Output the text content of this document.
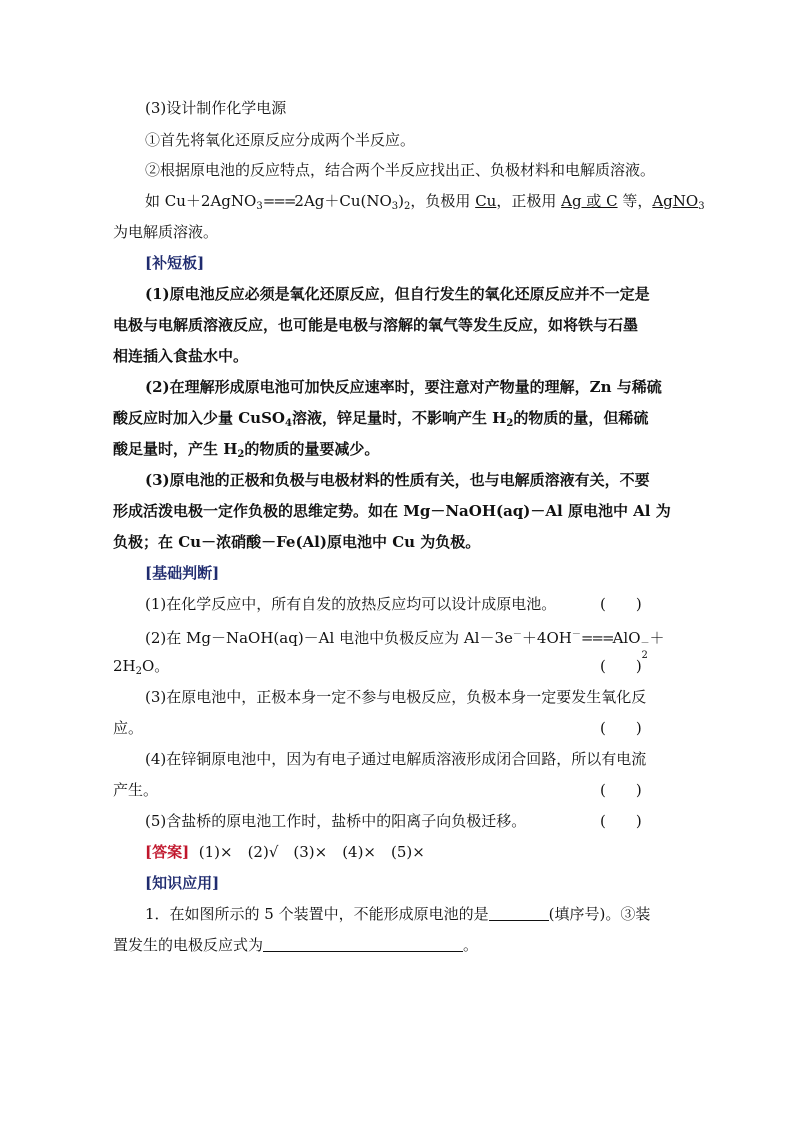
(3)设计制作化学电源
①首先将氧化还原反应分成两个半反应。
②根据原电池的反应特点，结合两个半反应找出正、负极材料和电解质溶液。
如 $Cu+2AgNO_3===2Ag+Cu(NO_3)_2$，负极用 Cu，正极用 Ag 或 C 等，AgNO$_3$
为电解质溶液。
[补短板]
(1)原电池反应必须是氧化还原反应，但自行发生的氧化还原反应并不一定是
电极与电解质溶液反应，也可能是电极与溶解的氧气等发生反应，如将铁与石墨
相连插入食盐水中。
(2)在理解形成原电池可加快反应速率时，要注意对产物量的理解，Zn 与稀硫
酸反应时加入少量 CuSO$_4$溶液，锌足量时，不影响产生 $H_2$的物质的量，但稀硫
酸足量时，产生 $H_2$的物质的量要减少。
(3)原电池的正极和负极与电极材料的性质有关，也与电解质溶液有关，不要
形成活泼电极一定作负极的思维定势。如在 Mg－NaOH(aq)－Al 原电池中 Al 为
负极；在 Cu－浓硝酸－Fe(Al)原电池中 Cu 为负极。
[基础判断]
(1)在化学反应中，所有自发的放热反应均可以设计成原电池。	(　　)
(2)在 Mg－NaOH(aq)－Al 电池中负极反应为 Al－3e－＋4OH－===AlO －
2
＋
$2H_2O$。	(　　)
(3)在原电池中，正极本身一定不参与电极反应，负极本身一定要发生氧化反
应。	(　　)
(4)在锌铜原电池中，因为有电子通过电解质溶液形成闭合回路，所以有电流
产生。	(　　)
(5)含盐桥的原电池工作时，盐桥中的阳离子向负极迁移。	(　　)
[答案] (1)×　(2)√　(3)×　(4)×　(5)×
[知识应用]
1．在如图所示的 5 个装置中，不能形成原电池的是	(填序号)。③装
置发生的电极反应式为	。
